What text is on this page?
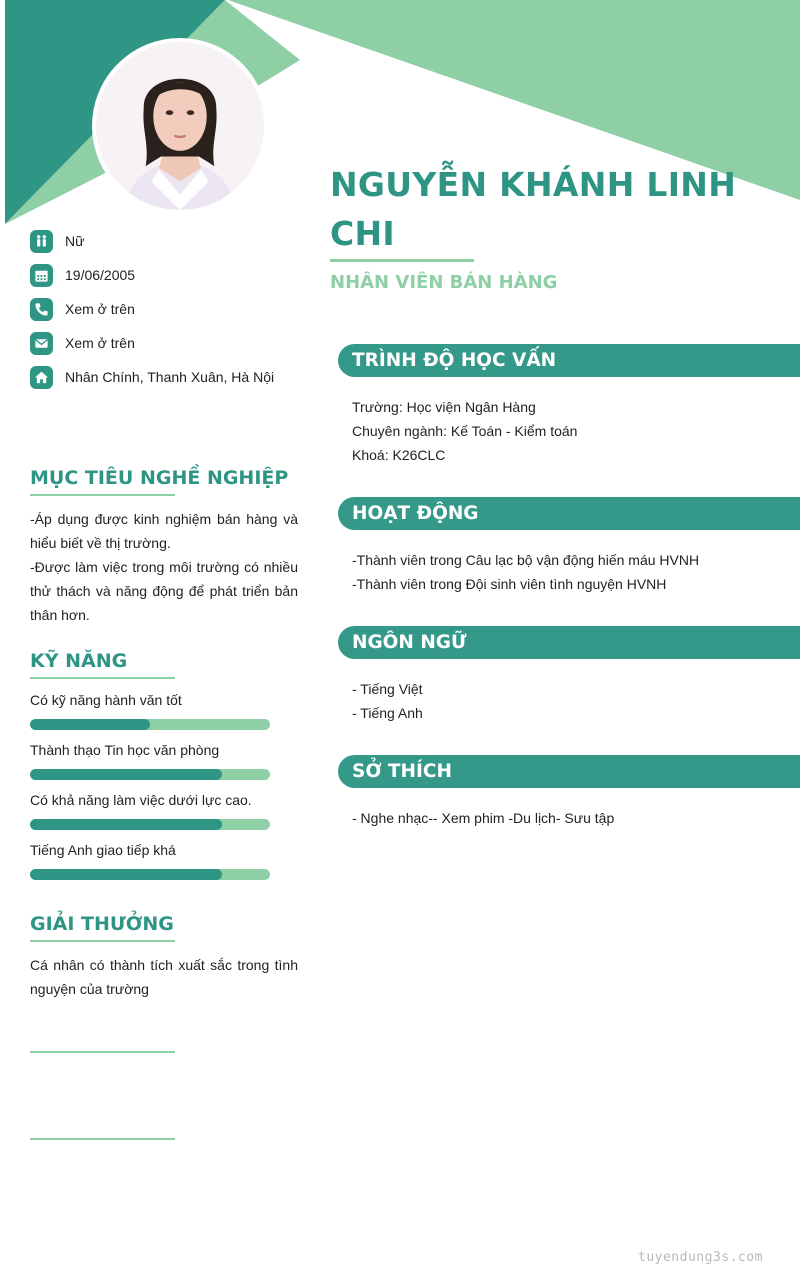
NGUYỄN KHÁNH LINH CHI
NHÂN VIÊN BÁN HÀNG
Nữ
19/06/2005
Xem ở trên
Xem ở trên
Nhân Chính, Thanh Xuân, Hà Nội
MỤC TIÊU NGHỀ NGHIỆP
-Áp dụng được kinh nghiệm bán hàng và hiểu biết về thị trường.
-Được làm việc trong môi trường có nhiều thử thách và năng động để phát triển bản thân hơn.
KỸ NĂNG
Có kỹ năng hành văn tốt
Thành thạo Tin học văn phòng
Có khả năng làm việc dưới lực cao.
Tiếng Anh giao tiếp khá
GIẢI THƯỞNG
Cá nhân có thành tích xuất sắc trong tình nguyện của trường
TRÌNH ĐỘ HỌC VẤN
Trường: Học viện Ngân Hàng
Chuyên ngành: Kế Toán - Kiểm toán
Khoá: K26CLC
HOẠT ĐỘNG
-Thành viên trong Câu lạc bộ vận động hiến máu HVNH
-Thành viên trong Đội sinh viên tình nguyện HVNH
NGÔN NGỮ
- Tiếng Việt
- Tiếng Anh
SỞ THÍCH
- Nghe nhạc-- Xem phim -Du lịch- Sưu tập
tuyendung3s.com
